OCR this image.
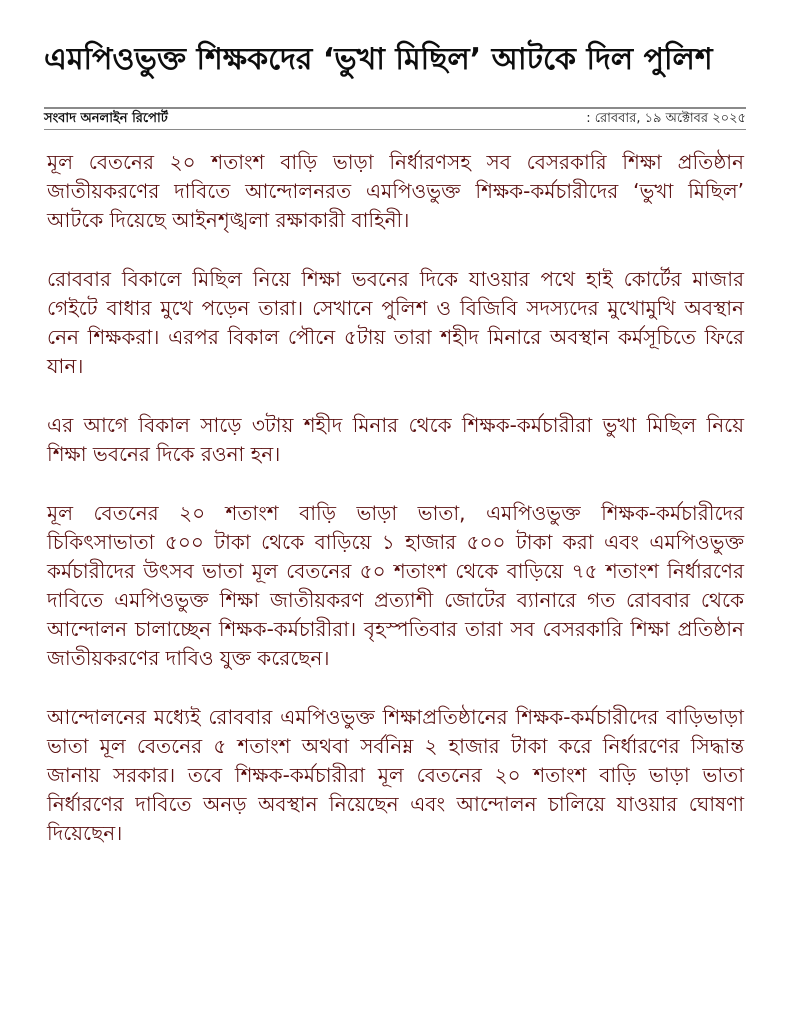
এমপিওভুক্ত শিক্ষকদের ‘ভুখা মিছিল’ আটকে দিল পুলিশ
সংবাদ অনলাইন রিপোর্ট	: রোববার, ১৯ অক্টোবর ২০২৫

মূল বেতনের ২০ শতাংশ বাড়ি ভাড়া নির্ধারণসহ সব বেসরকারি শিক্ষা প্রতিষ্ঠান জাতীয়করণের দাবিতে আন্দোলনরত এমপিওভুক্ত শিক্ষক-কর্মচারীদের ‘ভুখা মিছিল’ আটকে দিয়েছে আইনশৃঙ্খলা রক্ষাকারী বাহিনী।

রোববার বিকালে মিছিল নিয়ে শিক্ষা ভবনের দিকে যাওয়ার পথে হাই কোর্টের মাজার গেইটে বাধার মুখে পড়েন তারা। সেখানে পুলিশ ও বিজিবি সদস্যদের মুখোমুখি অবস্থান নেন শিক্ষকরা। এরপর বিকাল পৌনে ৫টায় তারা শহীদ মিনারে অবস্থান কর্মসূচিতে ফিরে যান।

এর আগে বিকাল সাড়ে ৩টায় শহীদ মিনার থেকে শিক্ষক-কর্মচারীরা ভুখা মিছিল নিয়ে শিক্ষা ভবনের দিকে রওনা হন।

মূল বেতনের ২০ শতাংশ বাড়ি ভাড়া ভাতা, এমপিওভুক্ত শিক্ষক-কর্মচারীদের চিকিৎসাভাতা ৫০০ টাকা থেকে বাড়িয়ে ১ হাজার ৫০০ টাকা করা এবং এমপিওভুক্ত কর্মচারীদের উৎসব ভাতা মূল বেতনের ৫০ শতাংশ থেকে বাড়িয়ে ৭৫ শতাংশ নির্ধারণের দাবিতে এমপিওভুক্ত শিক্ষা জাতীয়করণ প্রত্যাশী জোটের ব্যানারে গত রোববার থেকে আন্দোলন চালাচ্ছেন শিক্ষক-কর্মচারীরা। বৃহস্পতিবার তারা সব বেসরকারি শিক্ষা প্রতিষ্ঠান জাতীয়করণের দাবিও যুক্ত করেছেন।

আন্দোলনের মধ্যেই রোববার এমপিওভুক্ত শিক্ষাপ্রতিষ্ঠানের শিক্ষক-কর্মচারীদের বাড়িভাড়া ভাতা মূল বেতনের ৫ শতাংশ অথবা সর্বনিম্ন ২ হাজার টাকা করে নির্ধারণের সিদ্ধান্ত জানায় সরকার। তবে শিক্ষক-কর্মচারীরা মূল বেতনের ২০ শতাংশ বাড়ি ভাড়া ভাতা নির্ধারণের দাবিতে অনড় অবস্থান নিয়েছেন এবং আন্দোলন চালিয়ে যাওয়ার ঘোষণা দিয়েছেন।
